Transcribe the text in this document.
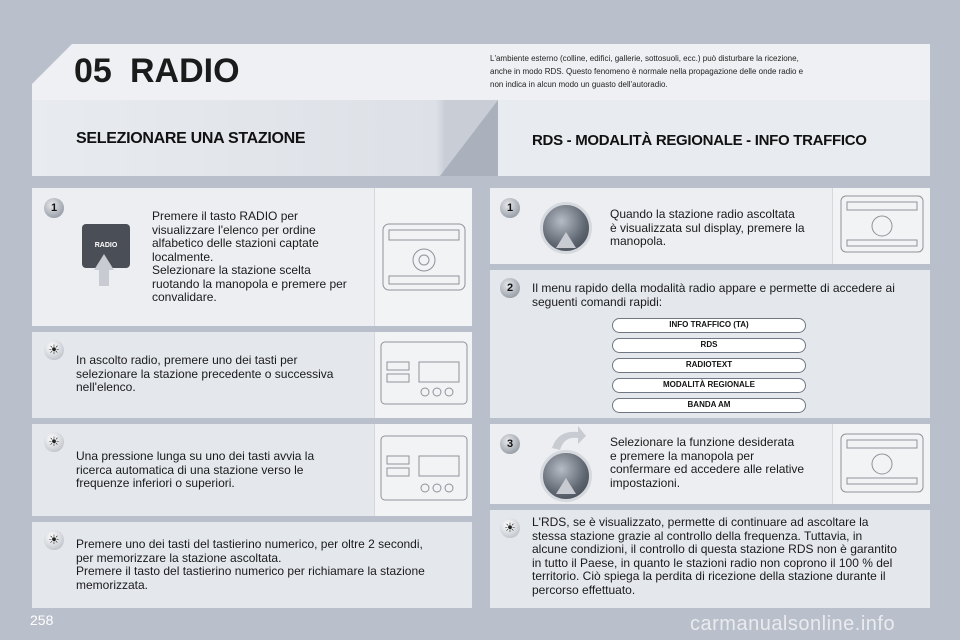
05 RADIO	L'ambiente esterno (colline, edifici, gallerie, sottosuoli, ecc.) può disturbare la ricezione,
anche in modo RDS. Questo fenomeno è normale nella propagazione delle onde radio e
non indica in alcun modo un guasto dell'autoradio.
SELEZIONARE UNA STAZIONE	RDS - MODALITÀ REGIONALE - INFO TRAFFICO
1
RADIO
Premere il tasto RADIO per
visualizzare l'elenco per ordine
alfabetico delle stazioni captate
localmente.
Selezionare la stazione scelta
ruotando la manopola e premere per
convalidare.
☀
In ascolto radio, premere uno dei tasti per
selezionare la stazione precedente o successiva
nell'elenco.
☀
Una pressione lunga su uno dei tasti avvia la
ricerca automatica di una stazione verso le
frequenze inferiori o superiori.
☀	Premere uno dei tasti del tastierino numerico, per oltre 2 secondi,
per memorizzare la stazione ascoltata.
Premere il tasto del tastierino numerico per richiamare la stazione
memorizzata.
1	Quando la stazione radio ascoltata
è visualizzata sul display, premere la
manopola.
2	Il menu rapido della modalità radio appare e permette di accedere ai
seguenti comandi rapidi:
INFO TRAFFICO (TA)
RDS
RADIOTEXT
MODALITÀ REGIONALE
BANDA AM
3	Selezionare la funzione desiderata
e premere la manopola per
confermare ed accedere alle relative
impostazioni.
☀	L'RDS, se è visualizzato, permette di continuare ad ascoltare la
stessa stazione grazie al controllo della frequenza. Tuttavia, in
alcune condizioni, il controllo di questa stazione RDS non è garantito
in tutto il Paese, in quanto le stazioni radio non coprono il 100 % del
territorio. Ciò spiega la perdita di ricezione della stazione durante il
percorso effettuato.
258	carmanualsonline.info
